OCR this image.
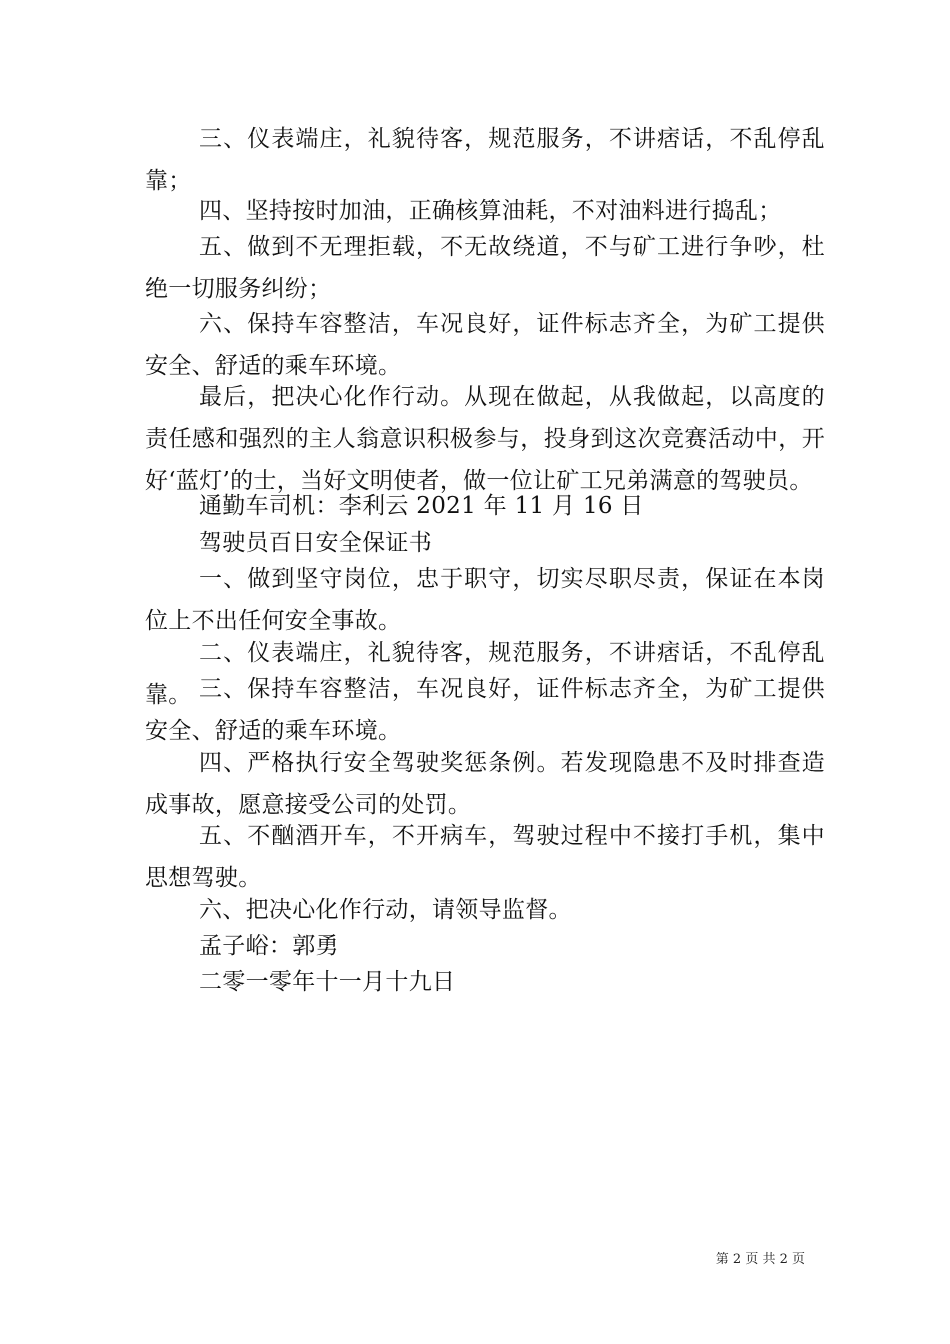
三、仪表端庄，礼貌待客，规范服务，不讲痞话，不乱停乱靠；

四、坚持按时加油，正确核算油耗，不对油料进行捣乱；

五、做到不无理拒载，不无故绕道，不与矿工进行争吵，杜绝一切服务纠纷；

六、保持车容整洁，车况良好，证件标志齐全，为矿工提供安全、舒适的乘车环境。

最后，把决心化作行动。从现在做起，从我做起，以高度的责任感和强烈的主人翁意识积极参与，投身到这次竞赛活动中，开好‘蓝灯’的士，当好文明使者，做一位让矿工兄弟满意的驾驶员。

通勤车司机：李利云 2021 年 11 月 16 日

驾驶员百日安全保证书

一、做到坚守岗位，忠于职守，切实尽职尽责，保证在本岗位上不出任何安全事故。

二、仪表端庄，礼貌待客，规范服务，不讲痞话，不乱停乱靠。 三、保持车容整洁，车况良好，证件标志齐全，为矿工提供安全、舒适的乘车环境。

四、严格执行安全驾驶奖惩条例。若发现隐患不及时排查造成事故，愿意接受公司的处罚。

五、不酗酒开车，不开病车，驾驶过程中不接打手机，集中思想驾驶。

六、把决心化作行动，请领导监督。

孟子峪：郭勇

二零一零年十一月十九日

第 2 页 共 2 页
